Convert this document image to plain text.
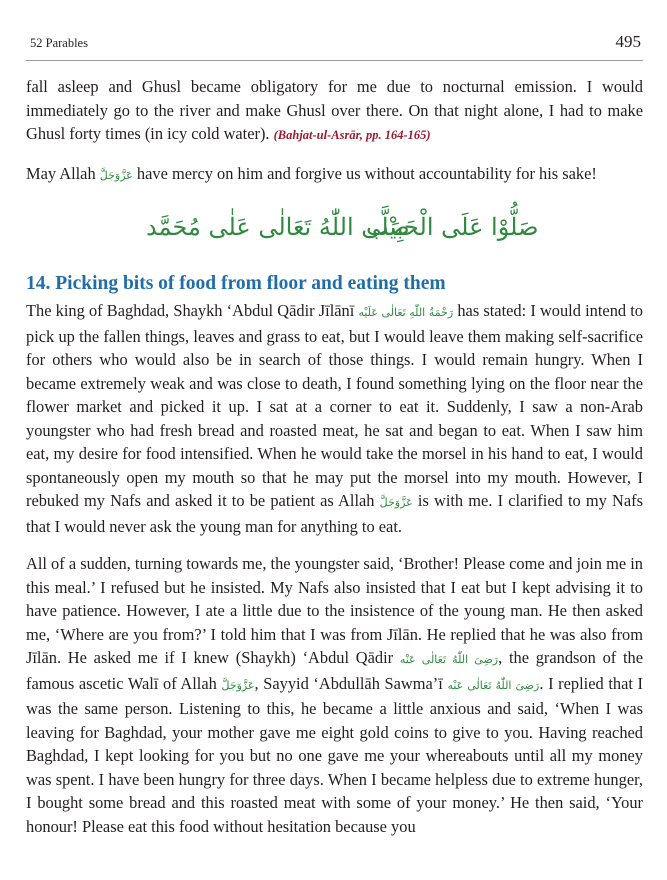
52 Parables	495

fall asleep and Ghusl became obligatory for me due to nocturnal emission. I would immediately go to the river and make Ghusl over there. On that night alone, I had to make Ghusl forty times (in icy cold water). (Bahjat-ul-Asrār, pp. 164-165)

May Allah عَزَّوَجَلَّ have mercy on him and forgive us without accountability for his sake!

صَلُّوْا عَلَى الْحَبِيْب
صَلَّى اللّٰهُ تَعَالٰى عَلٰى مُحَمَّد
14. Picking bits of food from floor and eating them

The king of Baghdad, Shaykh ‘Abdul Qādir Jīlānī رَحْمَةُ اللّٰهِ تَعَالٰى عَلَيْه has stated: I would intend to pick up the fallen things, leaves and grass to eat, but I would leave them making self-sacrifice for others who would also be in search of those things. I would remain hungry. When I became extremely weak and was close to death, I found something lying on the floor near the flower market and picked it up. I sat at a corner to eat it. Suddenly, I saw a non-Arab youngster who had fresh bread and roasted meat, he sat and began to eat. When I saw him eat, my desire for food intensified. When he would take the morsel in his hand to eat, I would spontaneously open my mouth so that he may put the morsel into my mouth. However, I rebuked my Nafs and asked it to be patient as Allah عَزَّوَجَلَّ is with me. I clarified to my Nafs that I would never ask the young man for anything to eat.

All of a sudden, turning towards me, the youngster said, ‘Brother! Please come and join me in this meal.’ I refused but he insisted. My Nafs also insisted that I eat but I kept advising it to have patience. However, I ate a little due to the insistence of the young man. He then asked me, ‘Where are you from?’ I told him that I was from Jīlān. He replied that he was also from Jīlān. He asked me if I knew (Shaykh) ‘Abdul Qādir رَضِىَ اللّٰهُ تَعَالٰى عَنْه, the grandson of the famous ascetic Walī of Allah عَزَّوَجَلَّ, Sayyid ‘Abdullāh Sawma’ī رَضِىَ اللّٰهُ تَعَالٰى عَنْه. I replied that I was the same person. Listening to this, he became a little anxious and said, ‘When I was leaving for Baghdad, your mother gave me eight gold coins to give to you. Having reached Baghdad, I kept looking for you but no one gave me your whereabouts until all my money was spent. I have been hungry for three days. When I became helpless due to extreme hunger, I bought some bread and this roasted meat with some of your money.’ He then said, ‘Your honour! Please eat this food without hesitation because you
